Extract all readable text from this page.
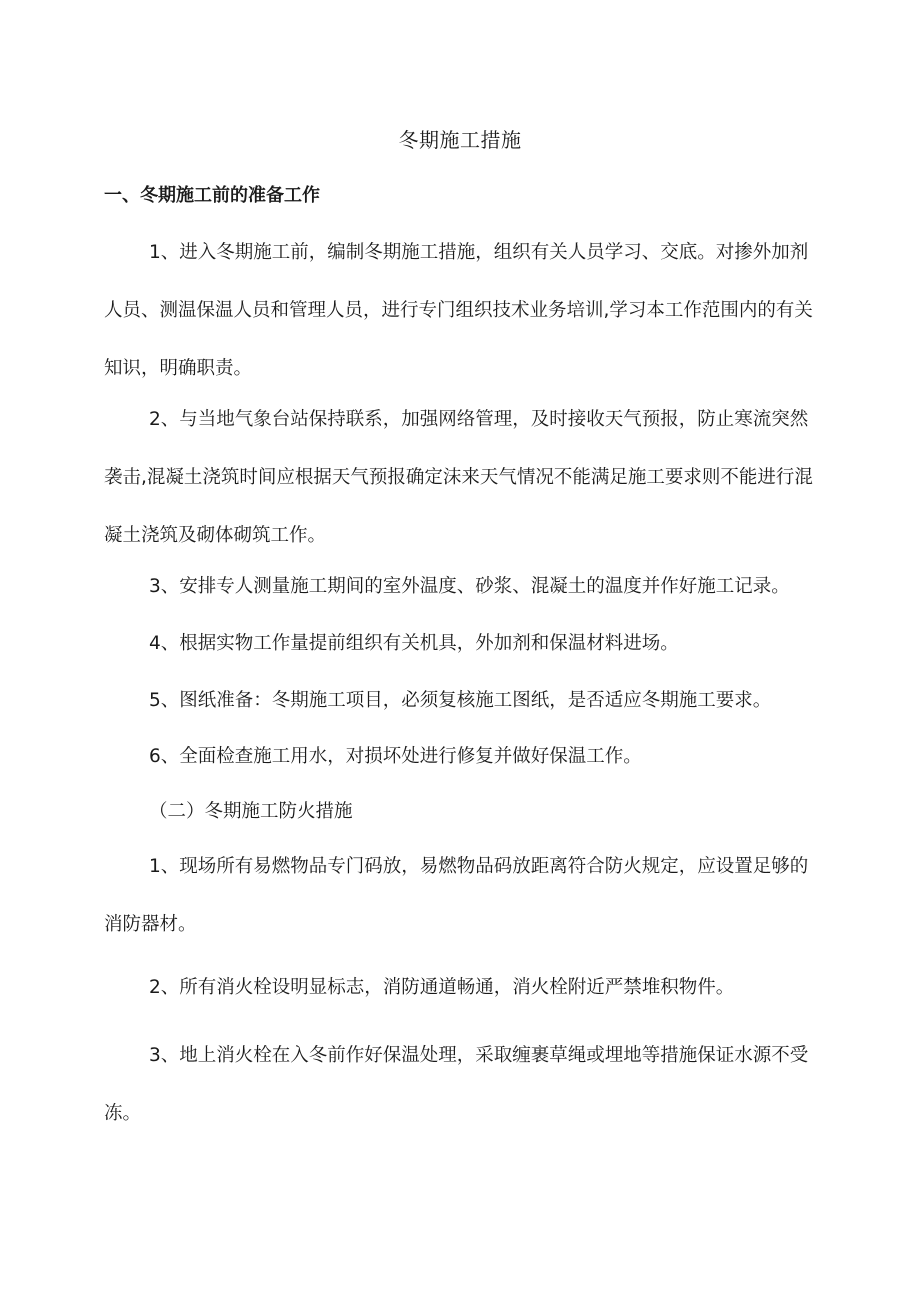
冬期施工措施
一、冬期施工前的准备工作

1、进入冬期施工前，编制冬期施工措施，组织有关人员学习、交底。对掺外加剂人员、测温保温人员和管理人员，进行专门组织技术业务培训,学习本工作范围内的有关知识，明确职责。

2、与当地气象台站保持联系，加强网络管理，及时接收天气预报，防止寒流突然袭击,混凝土浇筑时间应根据天气预报确定沫来天气情况不能满足施工要求则不能进行混凝土浇筑及砌体砌筑工作。

3、安排专人测量施工期间的室外温度、砂浆、混凝土的温度并作好施工记录。

4、根据实物工作量提前组织有关机具，外加剂和保温材料进场。

5、图纸准备：冬期施工项目，必须复核施工图纸，是否适应冬期施工要求。

6、全面检查施工用水，对损坏处进行修复并做好保温工作。

（二）冬期施工防火措施

1、现场所有易燃物品专门码放，易燃物品码放距离符合防火规定，应设置足够的消防器材。

2、所有消火栓设明显标志，消防通道畅通，消火栓附近严禁堆积物件。

3、地上消火栓在入冬前作好保温处理，采取缠裹草绳或埋地等措施保证水源不受冻。
